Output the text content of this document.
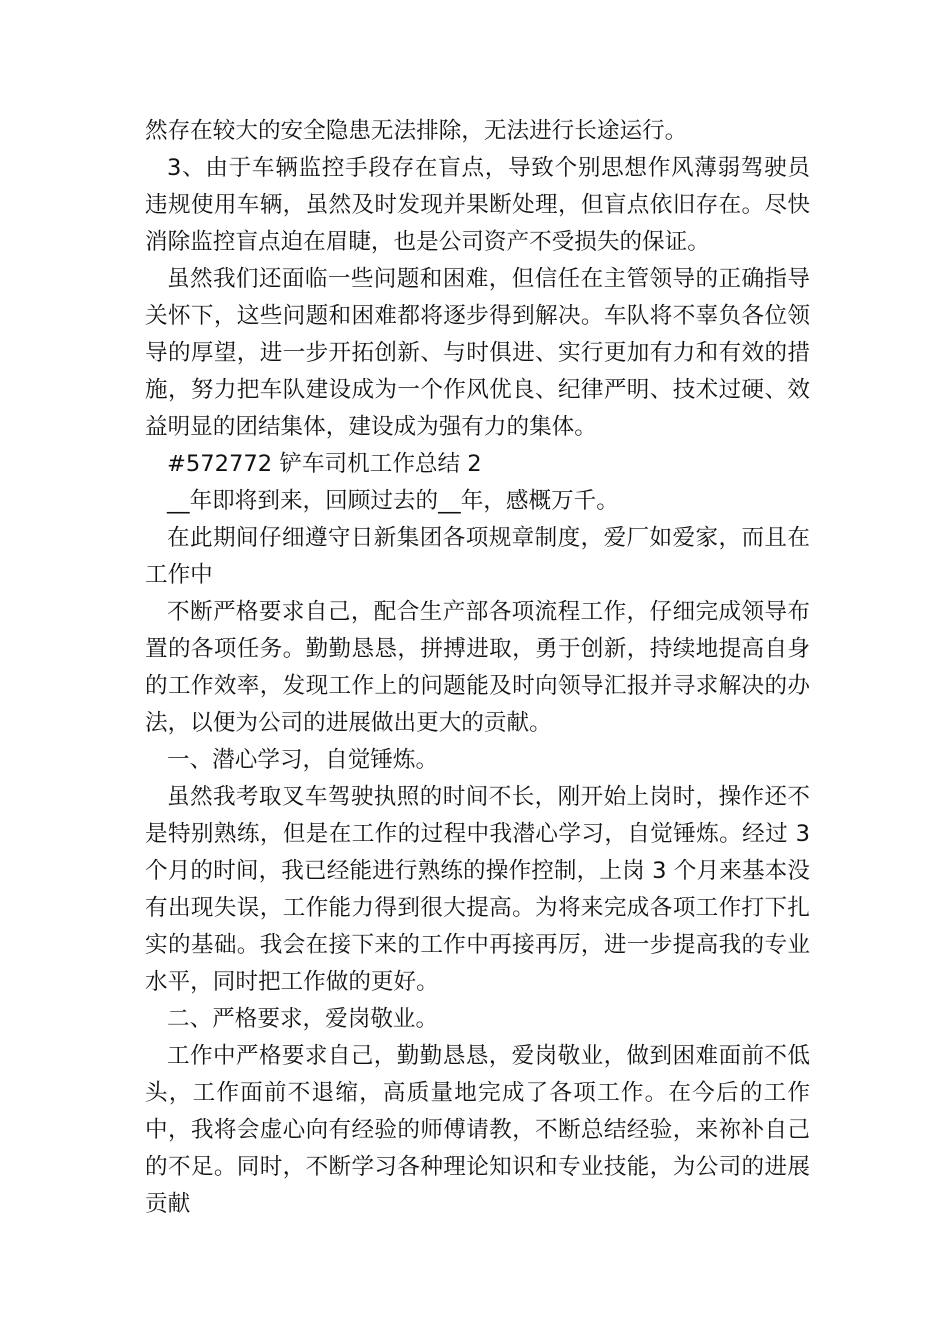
然存在较大的安全隐患无法排除，无法进行长途运行。

3、由于车辆监控手段存在盲点，导致个别思想作风薄弱驾驶员违规使用车辆，虽然及时发现并果断处理，但盲点依旧存在。尽快消除监控盲点迫在眉睫，也是公司资产不受损失的保证。

虽然我们还面临一些问题和困难，但信任在主管领导的正确指导关怀下，这些问题和困难都将逐步得到解决。车队将不辜负各位领导的厚望，进一步开拓创新、与时俱进、实行更加有力和有效的措施，努力把车队建设成为一个作风优良、纪律严明、技术过硬、效益明显的团结集体，建设成为强有力的集体。

#572772 铲车司机工作总结 2

__年即将到来，回顾过去的__年，感概万千。

在此期间仔细遵守日新集团各项规章制度，爱厂如爱家，而且在工作中

不断严格要求自己，配合生产部各项流程工作，仔细完成领导布置的各项任务。勤勤恳恳，拼搏进取，勇于创新，持续地提高自身的工作效率，发现工作上的问题能及时向领导汇报并寻求解决的办法，以便为公司的进展做出更大的贡献。

一、潜心学习，自觉锤炼。

虽然我考取叉车驾驶执照的时间不长，刚开始上岗时，操作还不是特别熟练，但是在工作的过程中我潜心学习，自觉锤炼。经过 3 个月的时间，我已经能进行熟练的操作控制，上岗 3 个月来基本没有出现失误，工作能力得到很大提高。为将来完成各项工作打下扎实的基础。我会在接下来的工作中再接再厉，进一步提高我的专业水平，同时把工作做的更好。

二、严格要求，爱岗敬业。

工作中严格要求自己，勤勤恳恳，爱岗敬业，做到困难面前不低头，工作面前不退缩，高质量地完成了各项工作。在今后的工作中，我将会虚心向有经验的师傅请教，不断总结经验，来祢补自己的不足。同时，不断学习各种理论知识和专业技能，为公司的进展贡献
